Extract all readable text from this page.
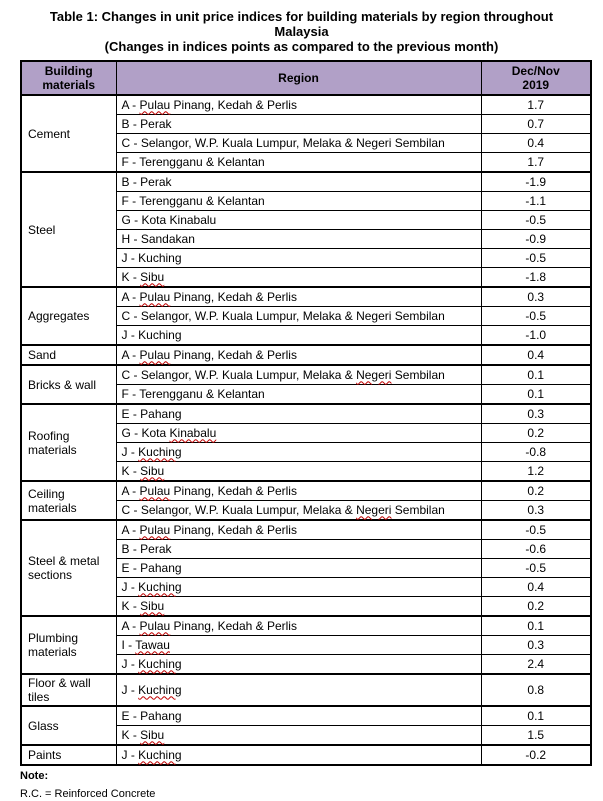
Table 1: Changes in unit price indices for building materials by region throughout
Malaysia
(Changes in indices points as compared to the previous month)
Building
materials	Region	Dec/Nov
2019
Cement	A - Pulau Pinang, Kedah & Perlis	1.7
	B - Perak	0.7
	C - Selangor, W.P. Kuala Lumpur, Melaka & Negeri Sembilan	0.4
	F - Terengganu & Kelantan	1.7
Steel	B - Perak	-1.9
	F - Terengganu & Kelantan	-1.1
	G - Kota Kinabalu	-0.5
	H - Sandakan	-0.9
	J - Kuching	-0.5
	K - Sibu	-1.8
Aggregates	A - Pulau Pinang, Kedah & Perlis	0.3
	C - Selangor, W.P. Kuala Lumpur, Melaka & Negeri Sembilan	-0.5
	J - Kuching	-1.0
Sand	A - Pulau Pinang, Kedah & Perlis	0.4
Bricks & wall	C - Selangor, W.P. Kuala Lumpur, Melaka & Negeri Sembilan	0.1
	F - Terengganu & Kelantan	0.1
Roofing materials	E - Pahang	0.3
	G - Kota Kinabalu	0.2
	J - Kuching	-0.8
	K - Sibu	1.2
Ceiling materials	A - Pulau Pinang, Kedah & Perlis	0.2
	C - Selangor, W.P. Kuala Lumpur, Melaka & Negeri Sembilan	0.3
Steel & metal sections	A - Pulau Pinang, Kedah & Perlis	-0.5
	B - Perak	-0.6
	E - Pahang	-0.5
	J - Kuching	0.4
	K - Sibu	0.2
Plumbing materials	A - Pulau Pinang, Kedah & Perlis	0.1
	I - Tawau	0.3
	J - Kuching	2.4
Floor & wall tiles	J - Kuching	0.8
Glass	E - Pahang	0.1
	K - Sibu	1.5
Paints	J - Kuching	-0.2
Note:
R.C. = Reinforced Concrete
